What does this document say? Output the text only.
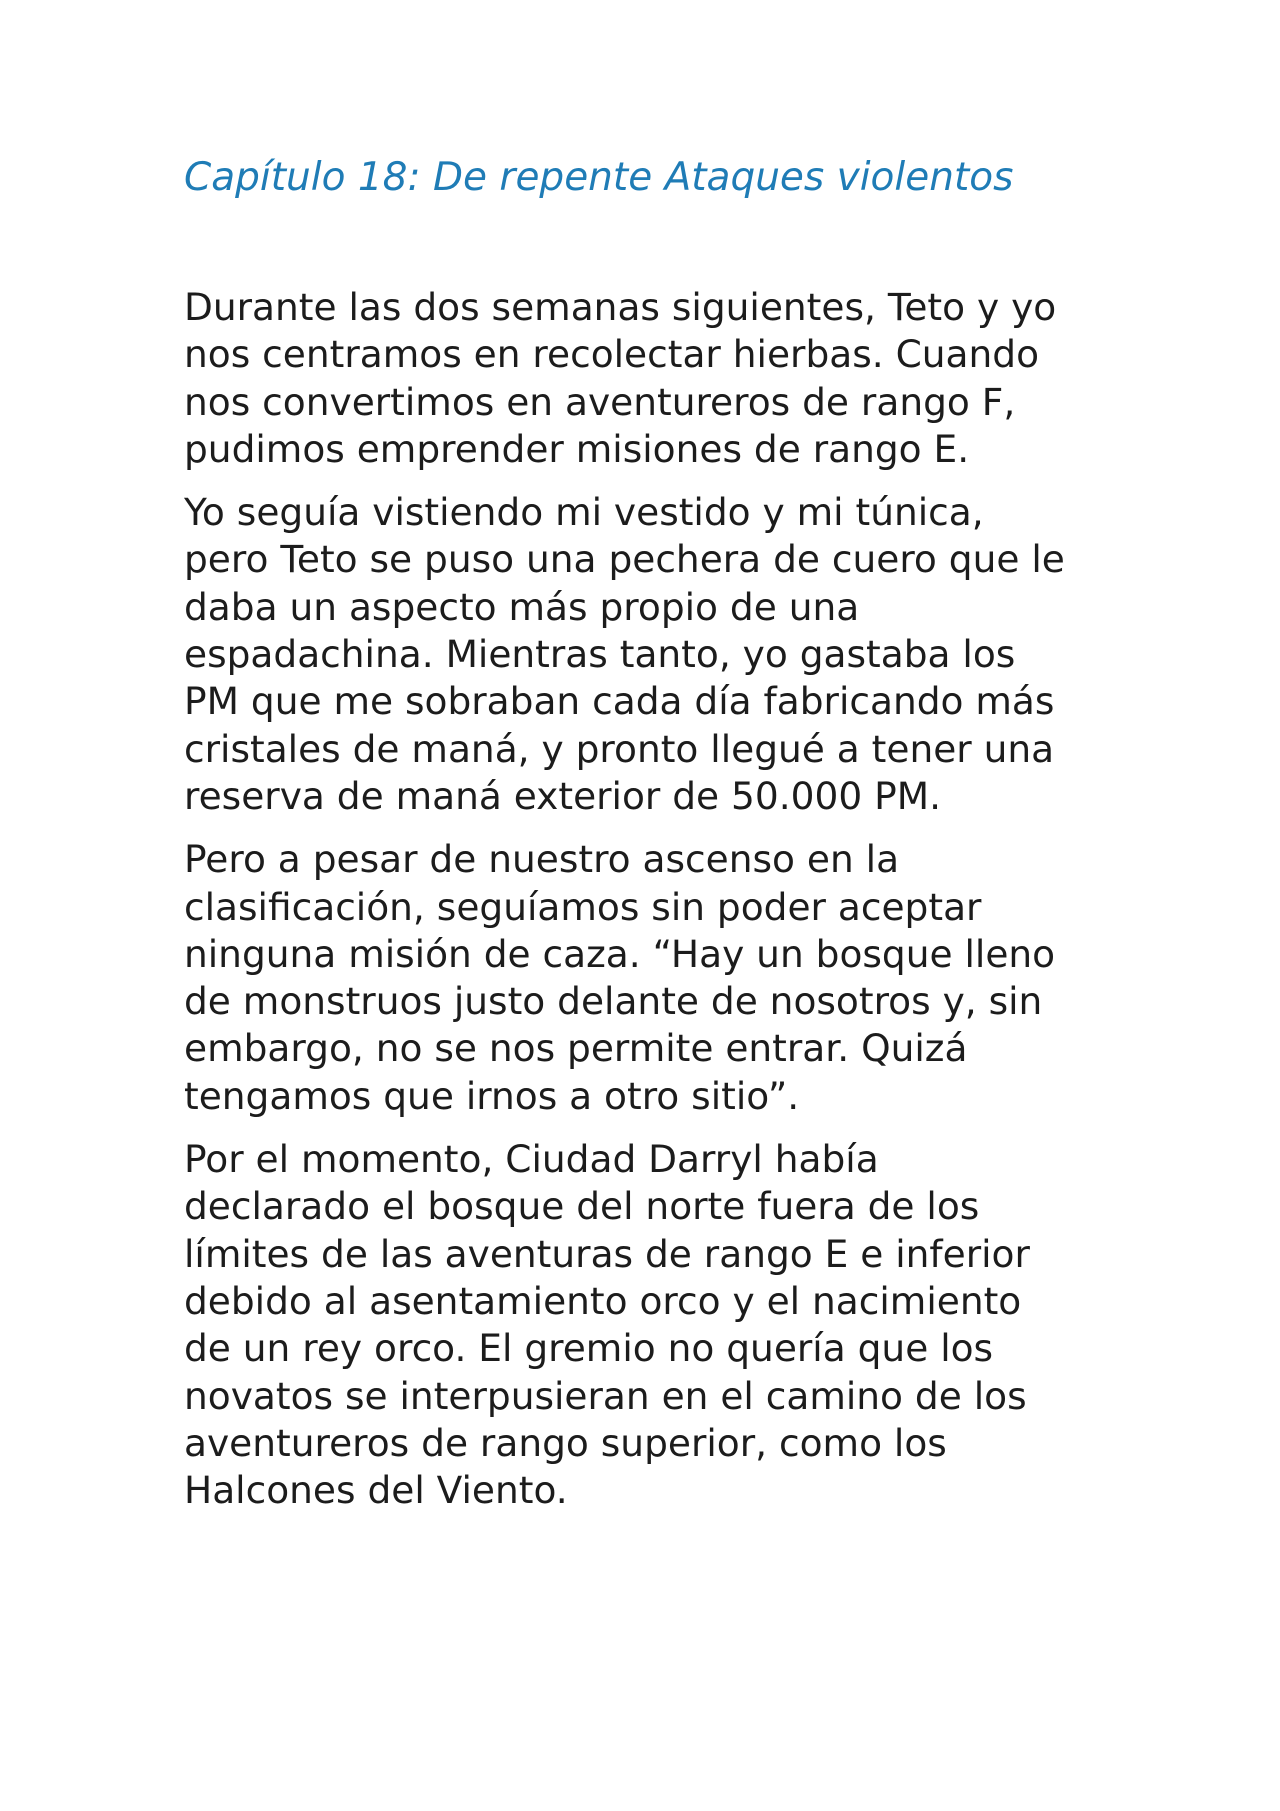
Capítulo 18: De repente Ataques violentos

Durante las dos semanas siguientes, Teto y yo
nos centramos en recolectar hierbas. Cuando
nos convertimos en aventureros de rango F,
pudimos emprender misiones de rango E.

Yo seguía vistiendo mi vestido y mi túnica,
pero Teto se puso una pechera de cuero que le
daba un aspecto más propio de una
espadachina. Mientras tanto, yo gastaba los
PM que me sobraban cada día fabricando más
cristales de maná, y pronto llegué a tener una
reserva de maná exterior de 50.000 PM.

Pero a pesar de nuestro ascenso en la
clasificación, seguíamos sin poder aceptar
ninguna misión de caza. “Hay un bosque lleno
de monstruos justo delante de nosotros y, sin
embargo, no se nos permite entrar. Quizá
tengamos que irnos a otro sitio”.

Por el momento, Ciudad Darryl había
declarado el bosque del norte fuera de los
límites de las aventuras de rango E e inferior
debido al asentamiento orco y el nacimiento
de un rey orco. El gremio no quería que los
novatos se interpusieran en el camino de los
aventureros de rango superior, como los
Halcones del Viento.
